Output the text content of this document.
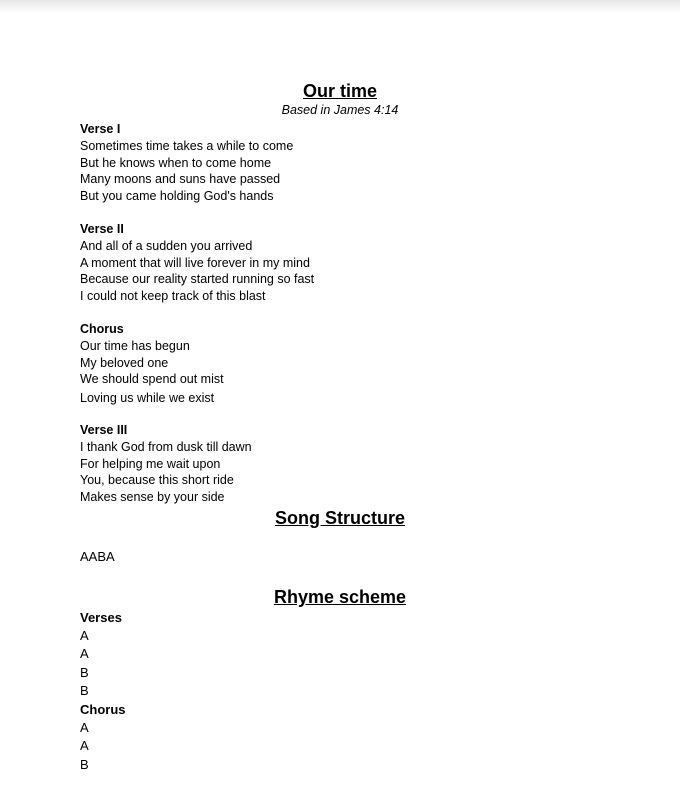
Our time
Based in James 4:14
Verse I
Sometimes time takes a while to come
But he knows when to come home
Many moons and suns have passed
But you came holding God's hands
Verse II
And all of a sudden you arrived
A moment that will live forever in my mind
Because our reality started running so fast
I could not keep track of this blast
Chorus
Our time has begun
My beloved one
We should spend out mist
Loving us while we exist
Verse III
I thank God from dusk till dawn
For helping me wait upon
You, because this short ride
Makes sense by your side
Song Structure
AABA
Rhyme scheme
Verses
A
A
B
B
Chorus
A
A
B
